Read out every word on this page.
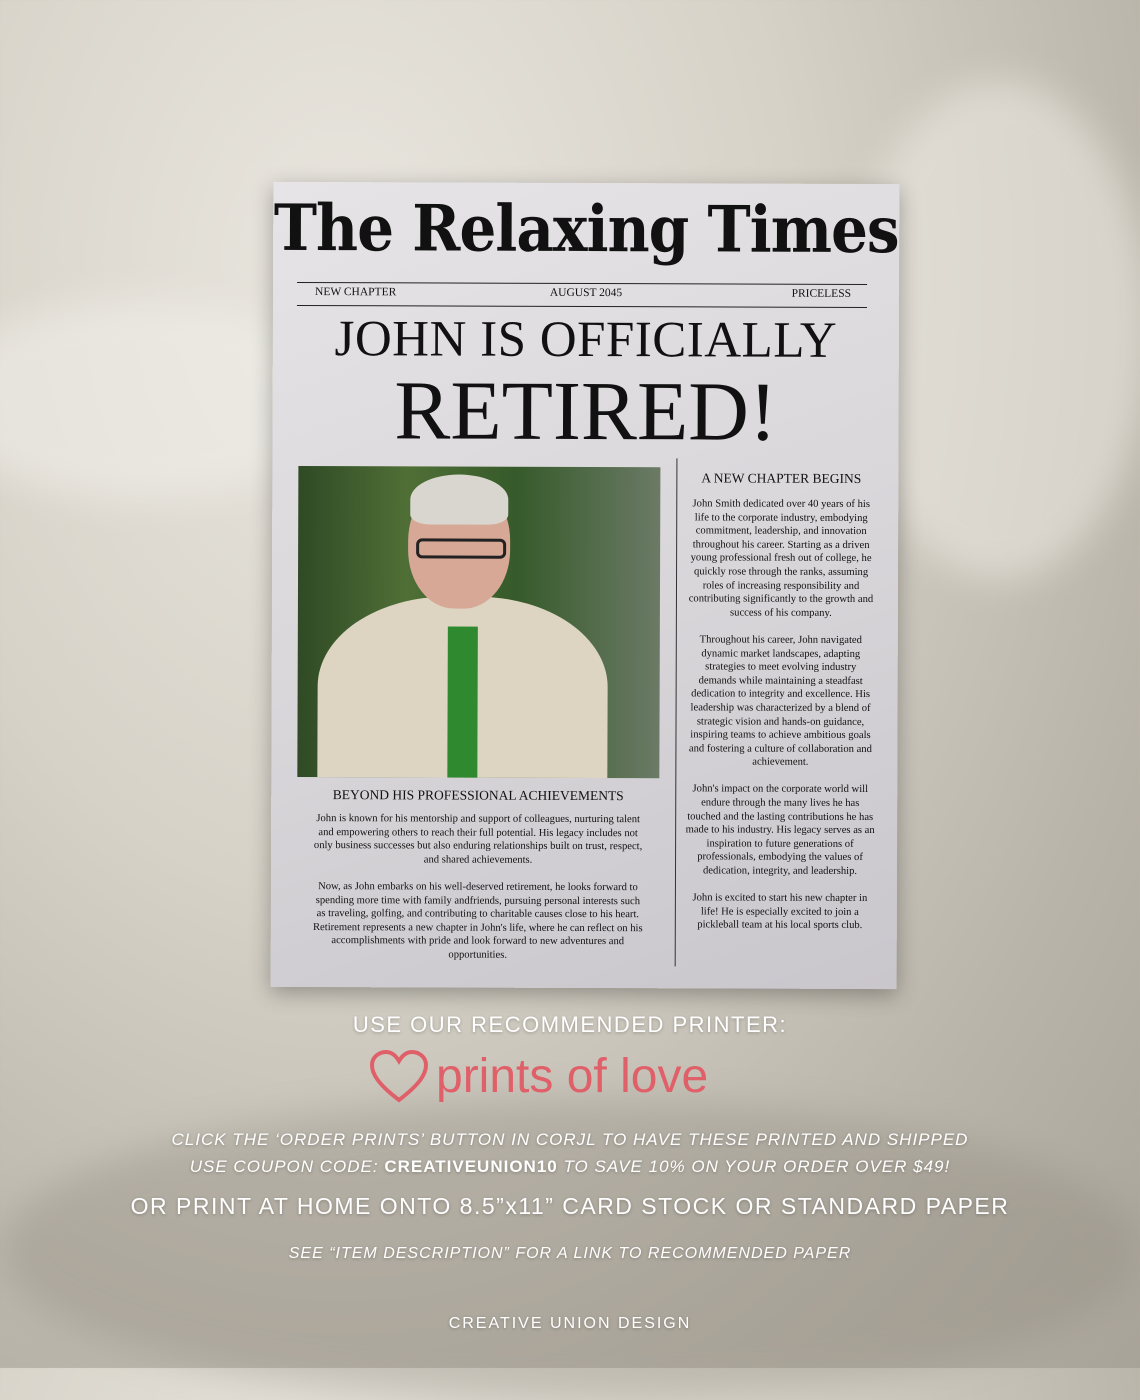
The Relaxing Times
NEW CHAPTER	AUGUST 2045	PRICELESS
JOHN IS OFFICIALLY
RETIRED!
BEYOND HIS PROFESSIONAL ACHIEVEMENTS

John is known for his mentorship and support of colleagues, nurturing talent and empowering others to reach their full potential. His legacy includes not only business successes but also enduring relationships built on trust, respect, and shared achievements.

Now, as John embarks on his well-deserved retirement, he looks forward to spending more time with family andfriends, pursuing personal interests such as traveling, golfing, and contributing to charitable causes close to his heart. Retirement represents a new chapter in John's life, where he can reflect on his accomplishments with pride and look forward to new adventures and opportunities.

A NEW CHAPTER BEGINS

John Smith dedicated over 40 years of his life to the corporate industry, embodying commitment, leadership, and innovation throughout his career. Starting as a driven young professional fresh out of college, he quickly rose through the ranks, assuming roles of increasing responsibility and contributing significantly to the growth and success of his company.

Throughout his career, John navigated dynamic market landscapes, adapting strategies to meet evolving industry demands while maintaining a steadfast dedication to integrity and excellence. His leadership was characterized by a blend of strategic vision and hands-on guidance, inspiring teams to achieve ambitious goals and fostering a culture of collaboration and achievement.

John's impact on the corporate world will endure through the many lives he has touched and the lasting contributions he has made to his industry. His legacy serves as an inspiration to future generations of professionals, embodying the values of dedication, integrity, and leadership.

John is excited to start his new chapter in life! He is especially excited to join a pickleball team at his local sports club.

USE OUR RECOMMENDED PRINTER:
prints of love
CLICK THE ‘ORDER PRINTS’ BUTTON IN CORJL TO HAVE THESE PRINTED AND SHIPPED
USE COUPON CODE: CREATIVEUNION10 TO SAVE 10% ON YOUR ORDER OVER $49!
OR PRINT AT HOME ONTO 8.5”x11” CARD STOCK OR STANDARD PAPER
SEE “ITEM DESCRIPTION” FOR A LINK TO RECOMMENDED PAPER
CREATIVE UNION DESIGN
